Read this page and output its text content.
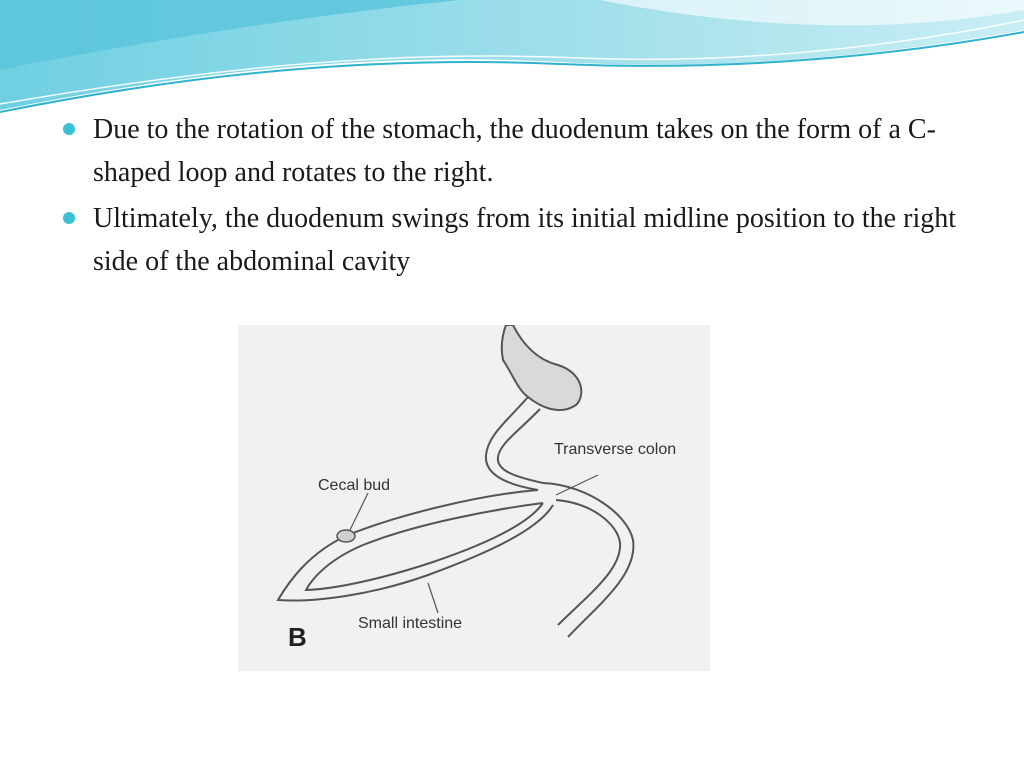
Due to the rotation of the stomach, the duodenum takes on the form of a C-shaped loop and rotates to the right.
Ultimately, the duodenum swings from its initial midline position to the right side of the abdominal cavity
Transverse colon
Cecal bud
Small intestine
B
